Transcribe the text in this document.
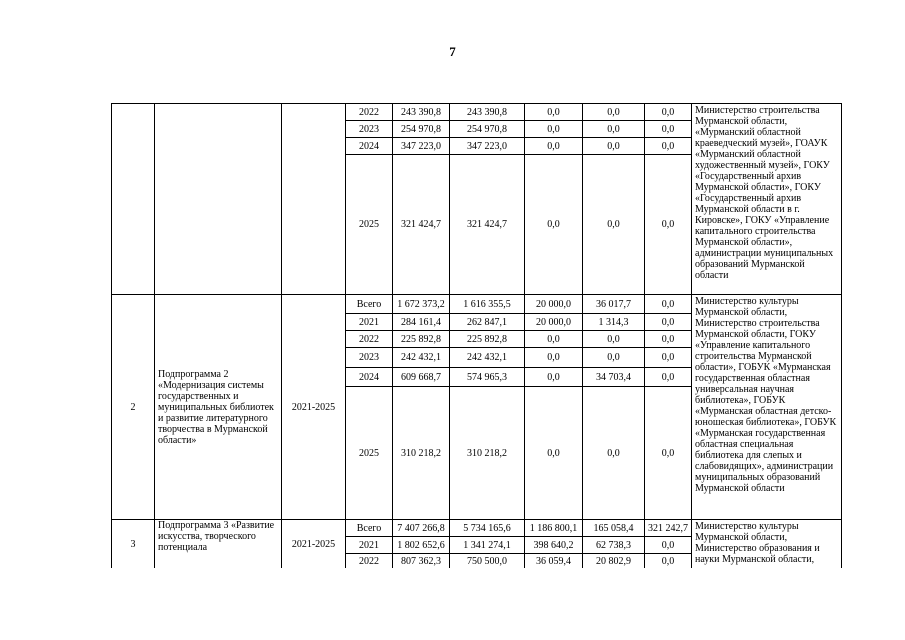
7
			2022	243 390,8	243 390,8	0,0	0,0	0,0	Министерство строительства Мурманской области, «Мурманский областной краеведческий музей», ГОАУК «Мурманский областной художественный музей», ГОКУ «Государственный архив Мурманской области», ГОКУ «Государственный архив Мурманской области в г. Кировске», ГОКУ «Управление капитального строительства Мурманской области», администрации муниципальных образований Мурманской области
			2023	254 970,8	254 970,8	0,0	0,0	0,0	
			2024	347 223,0	347 223,0	0,0	0,0	0,0	
			2025	321 424,7	321 424,7	0,0	0,0	0,0	
2	Подпрограмма 2 «Модернизация системы государственных и муниципальных библиотек и развитие литературного творчества в Мурманской области»	2021-2025	Всего	1 672 373,2	1 616 355,5	20 000,0	36 017,7	0,0	Министерство культуры Мурманской области, Министерство строительства Мурманской области, ГОКУ «Управление капитального строительства Мурманской области», ГОБУК «Мурманская государственная областная универсальная научная библиотека», ГОБУК «Мурманская областная детско-юношеская библиотека», ГОБУК «Мурманская государственная областная специальная библиотека для слепых и слабовидящих», администрации муниципальных образований Мурманской области
			2021	284 161,4	262 847,1	20 000,0	1 314,3	0,0	
			2022	225 892,8	225 892,8	0,0	0,0	0,0	
			2023	242 432,1	242 432,1	0,0	0,0	0,0	
			2024	609 668,7	574 965,3	0,0	34 703,4	0,0	
			2025	310 218,2	310 218,2	0,0	0,0	0,0	
3	Подпрограмма 3 «Развитие искусства, творческого потенциала	2021-2025	Всего	7 407 266,8	5 734 165,6	1 186 800,1	165 058,4	321 242,7	Министерство культуры Мурманской области, Министерство образования и науки Мурманской области,
			2021	1 802 652,6	1 341 274,1	398 640,2	62 738,3	0,0	
			2022	807 362,3	750 500,0	36 059,4	20 802,9	0,0	
